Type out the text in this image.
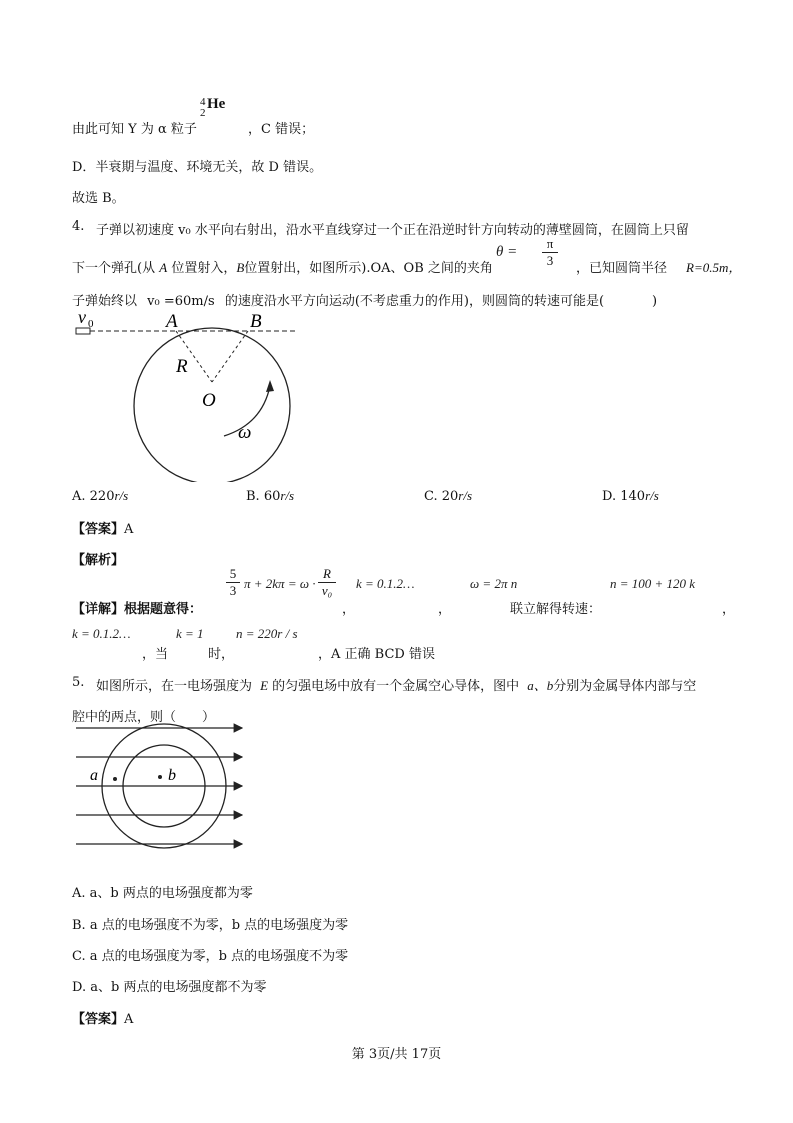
由此可知 Y 为 α 粒子
4
2
He
，C 错误；
D．半衰期与温度、环境无关，故 D 错误。
故选 B。
4. 子弹以初速度 v₀ 水平向右射出，沿水平直线穿过一个正在沿逆时针方向转动的薄壁圆筒，在圆筒上只留
下一个弹孔(从 A 位置射入，B位置射出，如图所示).OA、OB 之间的夹角
$\theta = \frac{\pi}{3}$ ，已知圆筒半径 R=0.5m，
子弹始终以 v₀ =60m/s 的速度沿水平方向运动(不考虑重力的作用)，则圆筒的转速可能是(	)
v 0	A	B
R
O
ω
A. 220r/s	B. 60r/s	C. 20r/s	D. 140r/s
【答案】A
【解析】
【详解】根据题意得：
$\frac{5}{3}$ $\pi + 2k\pi = \omega \cdot \frac{R}{\text{v₀}}$
，
k = 0.1.2…
，
ω = 2π n
联立解得转速：
n = 100 + 120 k
，
k = 0.1.2…
，当
k = 1
时，
n = 220r / s
，A 正确 BCD 错误
5. 如图所示，在一电场强度为 E 的匀强电场中放有一个金属空心导体，图中 a、b分别为金属导体内部与空
腔中的两点，则（　　）
a	b
A. a、b 两点的电场强度都为零
B. a 点的电场强度不为零，b 点的电场强度为零
C. a 点的电场强度为零，b 点的电场强度不为零
D. a、b 两点的电场强度都不为零
【答案】A
第 3页/共 17页
